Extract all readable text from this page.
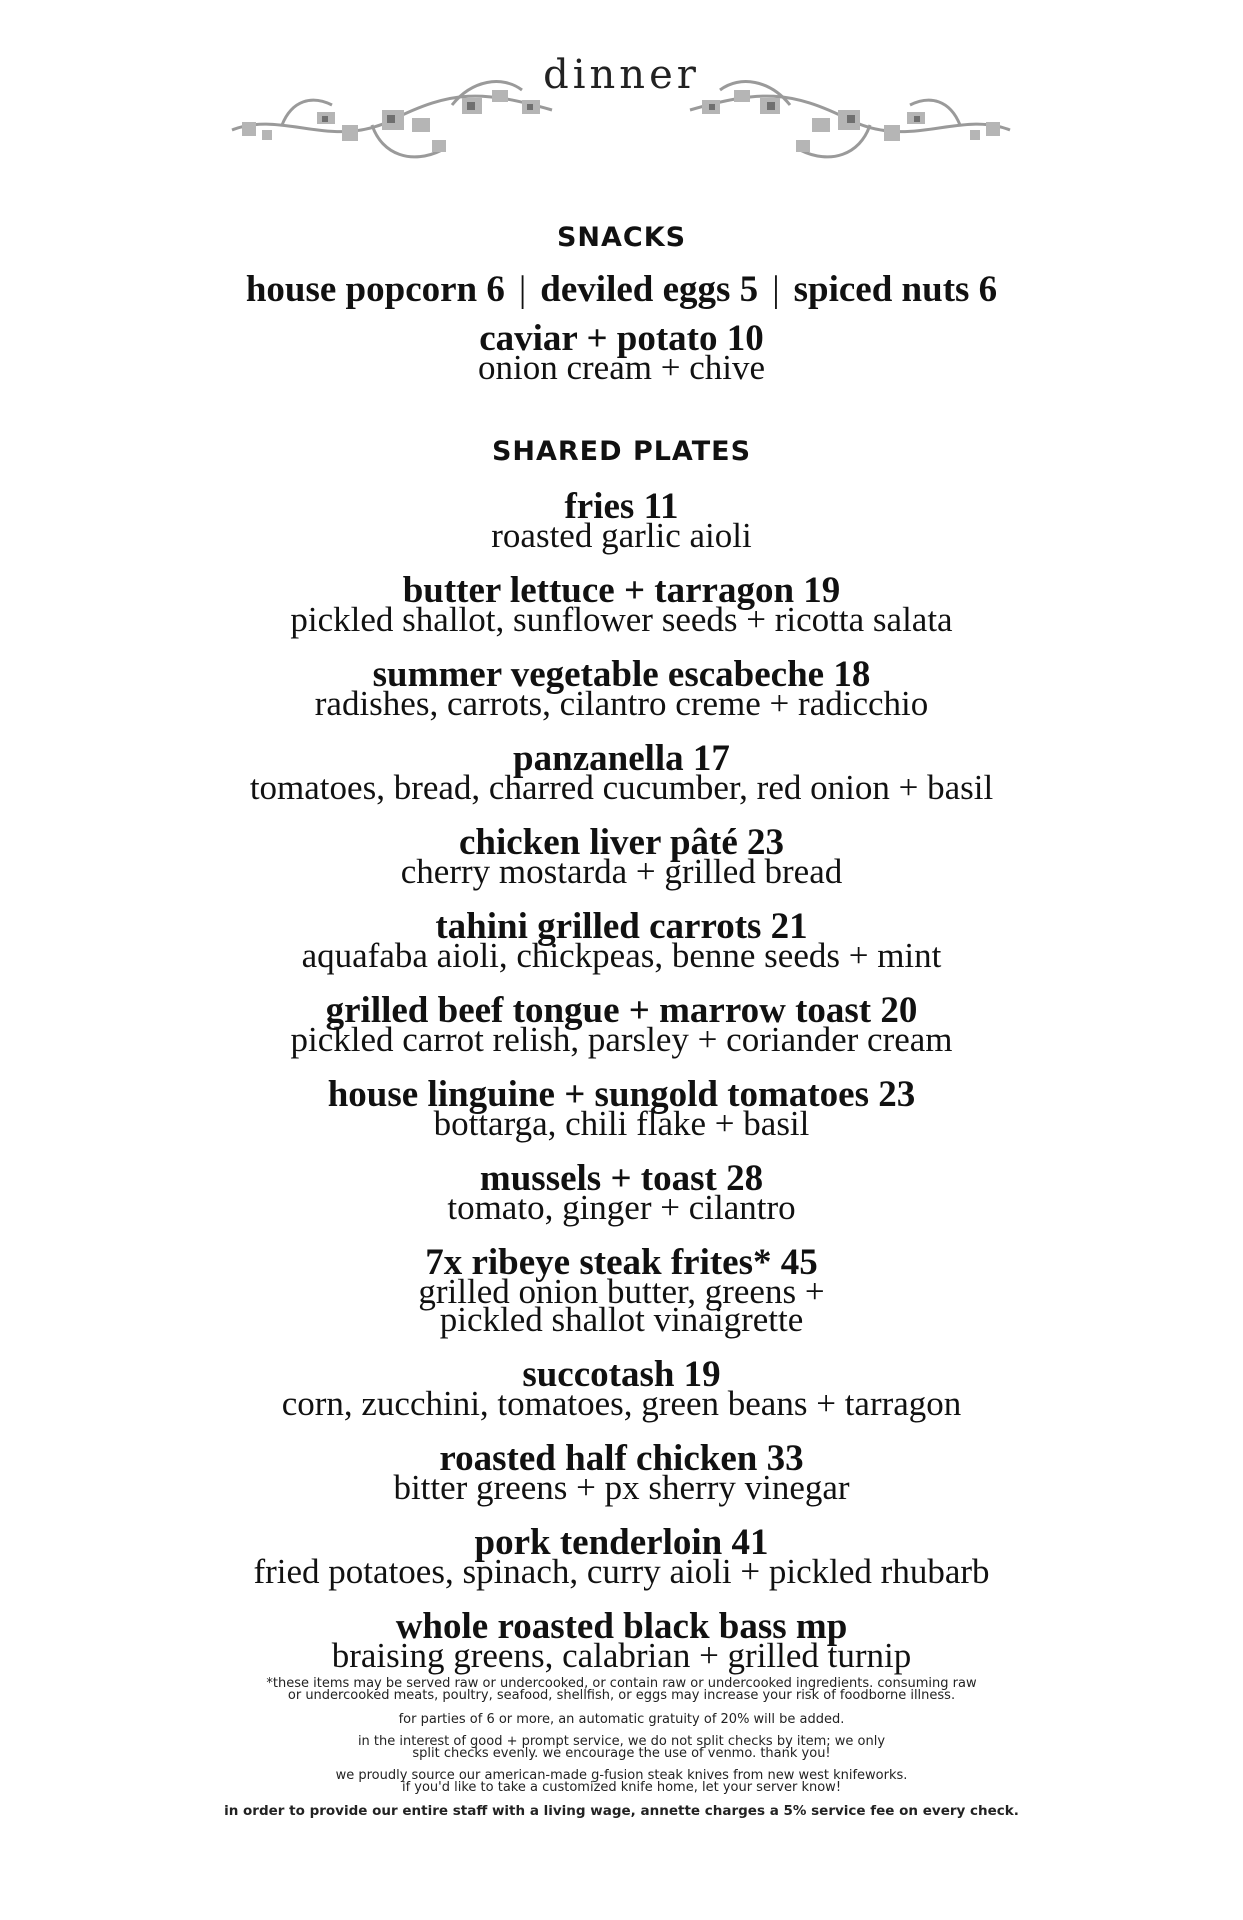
dinner
SNACKS
house popcorn 6 | deviled eggs 5 | spiced nuts 6
caviar + potato 10
onion cream + chive
SHARED PLATES
fries 11
roasted garlic aioli
butter lettuce + tarragon 19
pickled shallot, sunflower seeds + ricotta salata
summer vegetable escabeche 18
radishes, carrots, cilantro creme + radicchio
panzanella 17
tomatoes, bread, charred cucumber, red onion + basil
chicken liver pâté 23
cherry mostarda + grilled bread
tahini grilled carrots 21
aquafaba aioli, chickpeas, benne seeds + mint
grilled beef tongue + marrow toast 20
pickled carrot relish, parsley + coriander cream
house linguine + sungold tomatoes 23
bottarga, chili flake + basil
mussels + toast 28
tomato, ginger + cilantro
7x ribeye steak frites* 45
grilled onion butter, greens +
pickled shallot vinaigrette
succotash 19
corn, zucchini, tomatoes, green beans + tarragon
roasted half chicken 33
bitter greens + px sherry vinegar
pork tenderloin 41
fried potatoes, spinach, curry aioli + pickled rhubarb
whole roasted black bass mp
braising greens, calabrian + grilled turnip
*these items may be served raw or undercooked, or contain raw or undercooked ingredients. consuming raw
or undercooked meats, poultry, seafood, shellfish, or eggs may increase your risk of foodborne illness.
for parties of 6 or more, an automatic gratuity of 20% will be added.
in the interest of good + prompt service, we do not split checks by item; we only
split checks evenly. we encourage the use of venmo. thank you!
we proudly source our american-made g-fusion steak knives from new west knifeworks.
if you'd like to take a customized knife home, let your server know!
in order to provide our entire staff with a living wage, annette charges a 5% service fee on every check.
